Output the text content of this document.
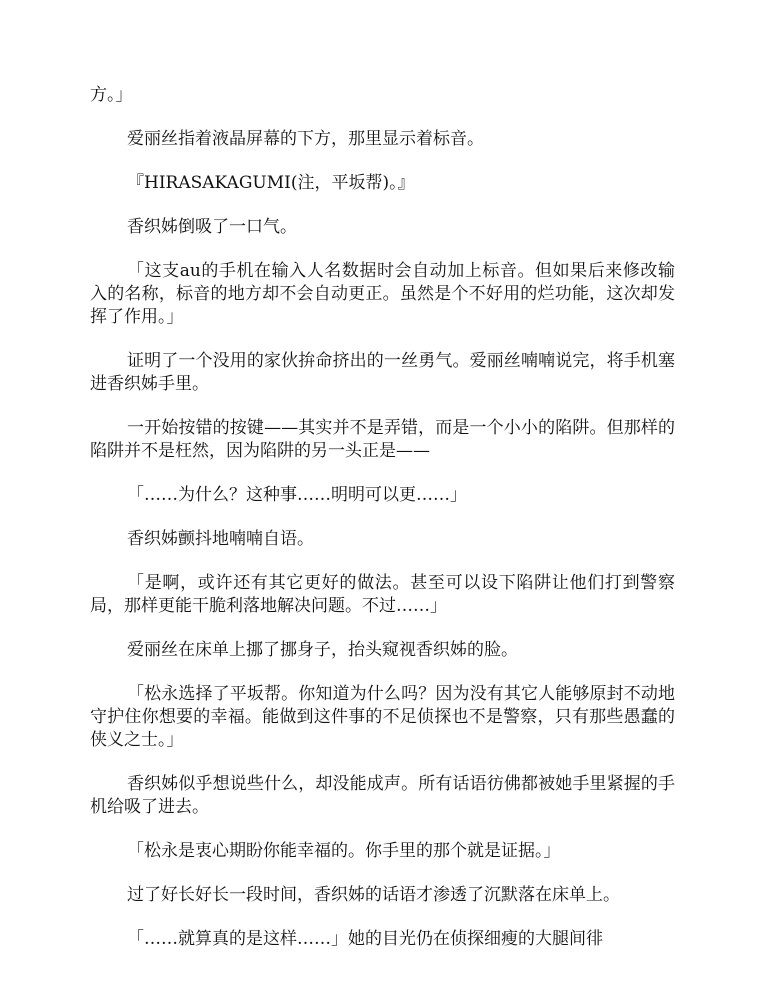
方。」

爱丽丝指着液晶屏幕的下方，那里显示着标音。

『HIRASAKAGUMI(注，平坂帮)。』

香织姊倒吸了一口气。

「这支au的手机在输入人名数据时会自动加上标音。但如果后来修改输入的名称，标音的地方却不会自动更正。虽然是个不好用的烂功能，这次却发挥了作用。」

证明了一个没用的家伙拚命挤出的一丝勇气。爱丽丝喃喃说完，将手机塞进香织姊手里。

一开始按错的按键——其实并不是弄错，而是一个小小的陷阱。但那样的陷阱并不是枉然，因为陷阱的另一头正是——

「……为什么？这种事……明明可以更……」

香织姊颤抖地喃喃自语。

「是啊，或许还有其它更好的做法。甚至可以设下陷阱让他们打到警察局，那样更能干脆利落地解决问题。不过……」

爱丽丝在床单上挪了挪身子，抬头窥视香织姊的脸。

「松永选择了平坂帮。你知道为什么吗？因为没有其它人能够原封不动地守护住你想要的幸福。能做到这件事的不足侦探也不是警察，只有那些愚蠢的侠义之士。」

香织姊似乎想说些什么，却没能成声。所有话语彷佛都被她手里紧握的手机给吸了进去。

「松永是衷心期盼你能幸福的。你手里的那个就是证据。」

过了好长好长一段时间，香织姊的话语才渗透了沉默落在床单上。

「……就算真的是这样……」她的目光仍在侦探细瘦的大腿间徘
